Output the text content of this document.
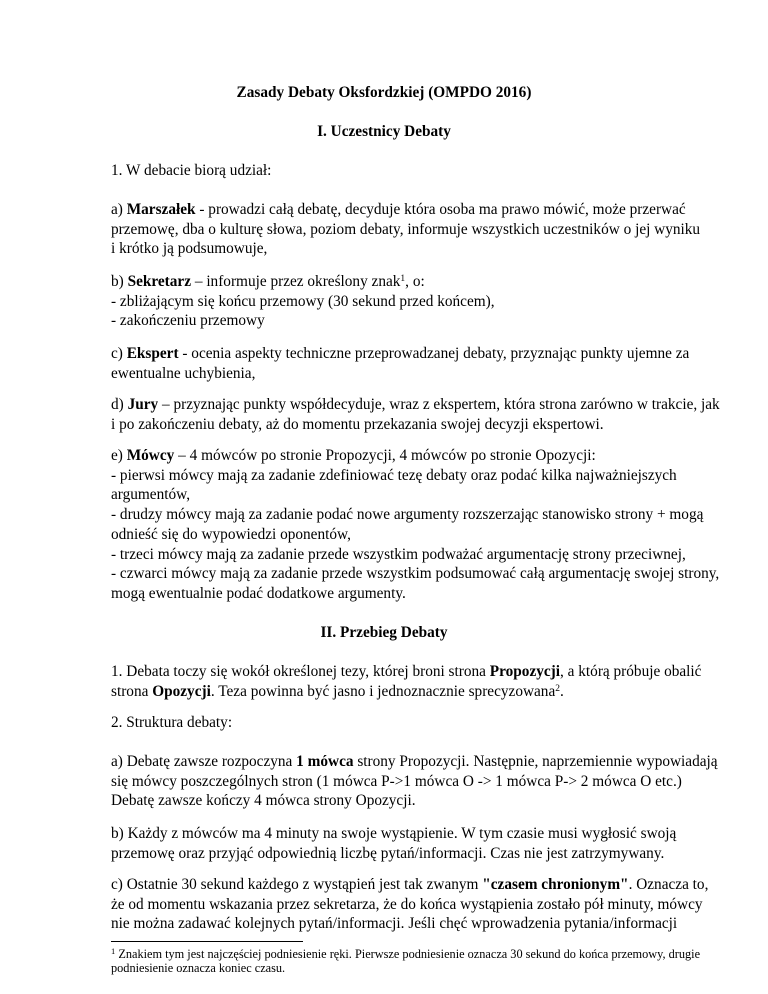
Zasady Debaty Oksfordzkiej (OMPDO 2016)
I. Uczestnicy Debaty
1. W debacie biorą udział:
a) Marszałek - prowadzi całą debatę, decyduje która osoba ma prawo mówić, może przerwać
przemowę, dba o kulturę słowa, poziom debaty, informuje wszystkich uczestników o jej wyniku
i krótko ją podsumowuje,
b) Sekretarz – informuje przez określony znak$^1$, o:
- zbliżającym się końcu przemowy (30 sekund przed końcem),
- zakończeniu przemowy
c) Ekspert - ocenia aspekty techniczne przeprowadzanej debaty, przyznając punkty ujemne za
ewentualne uchybienia,
d) Jury – przyznając punkty współdecyduje, wraz z ekspertem, która strona zarówno w trakcie, jak
i po zakończeniu debaty, aż do momentu przekazania swojej decyzji ekspertowi.
e) Mówcy – 4 mówców po stronie Propozycji, 4 mówców po stronie Opozycji:
- pierwsi mówcy mają za zadanie zdefiniować tezę debaty oraz podać kilka najważniejszych
argumentów,
- drudzy mówcy mają za zadanie podać nowe argumenty rozszerzając stanowisko strony + mogą
odnieść się do wypowiedzi oponentów,
- trzeci mówcy mają za zadanie przede wszystkim podważać argumentację strony przeciwnej,
- czwarci mówcy mają za zadanie przede wszystkim podsumować całą argumentację swojej strony,
mogą ewentualnie podać dodatkowe argumenty.
II. Przebieg Debaty
1. Debata toczy się wokół określonej tezy, której broni strona Propozycji, a którą próbuje obalić
strona Opozycji. Teza powinna być jasno i jednoznacznie sprecyzowana$^2$.
2. Struktura debaty:
a) Debatę zawsze rozpoczyna 1 mówca strony Propozycji. Następnie, naprzemiennie wypowiadają
się mówcy poszczególnych stron (1 mówca P->1 mówca O -> 1 mówca P-> 2 mówca O etc.)
Debatę zawsze kończy 4 mówca strony Opozycji.
b) Każdy z mówców ma 4 minuty na swoje wystąpienie. W tym czasie musi wygłosić swoją
przemowę oraz przyjąć odpowiednią liczbę pytań/informacji. Czas nie jest zatrzymywany.
c) Ostatnie 30 sekund każdego z wystąpień jest tak zwanym "czasem chronionym". Oznacza to,
że od momentu wskazania przez sekretarza, że do końca wystąpienia zostało pół minuty, mówcy
nie można zadawać kolejnych pytań/informacji. Jeśli chęć wprowadzenia pytania/informacji
$^1$ Znakiem tym jest najczęściej podniesienie ręki. Pierwsze podniesienie oznacza 30 sekund do końca przemowy, drugie
podniesienie oznacza koniec czasu.
